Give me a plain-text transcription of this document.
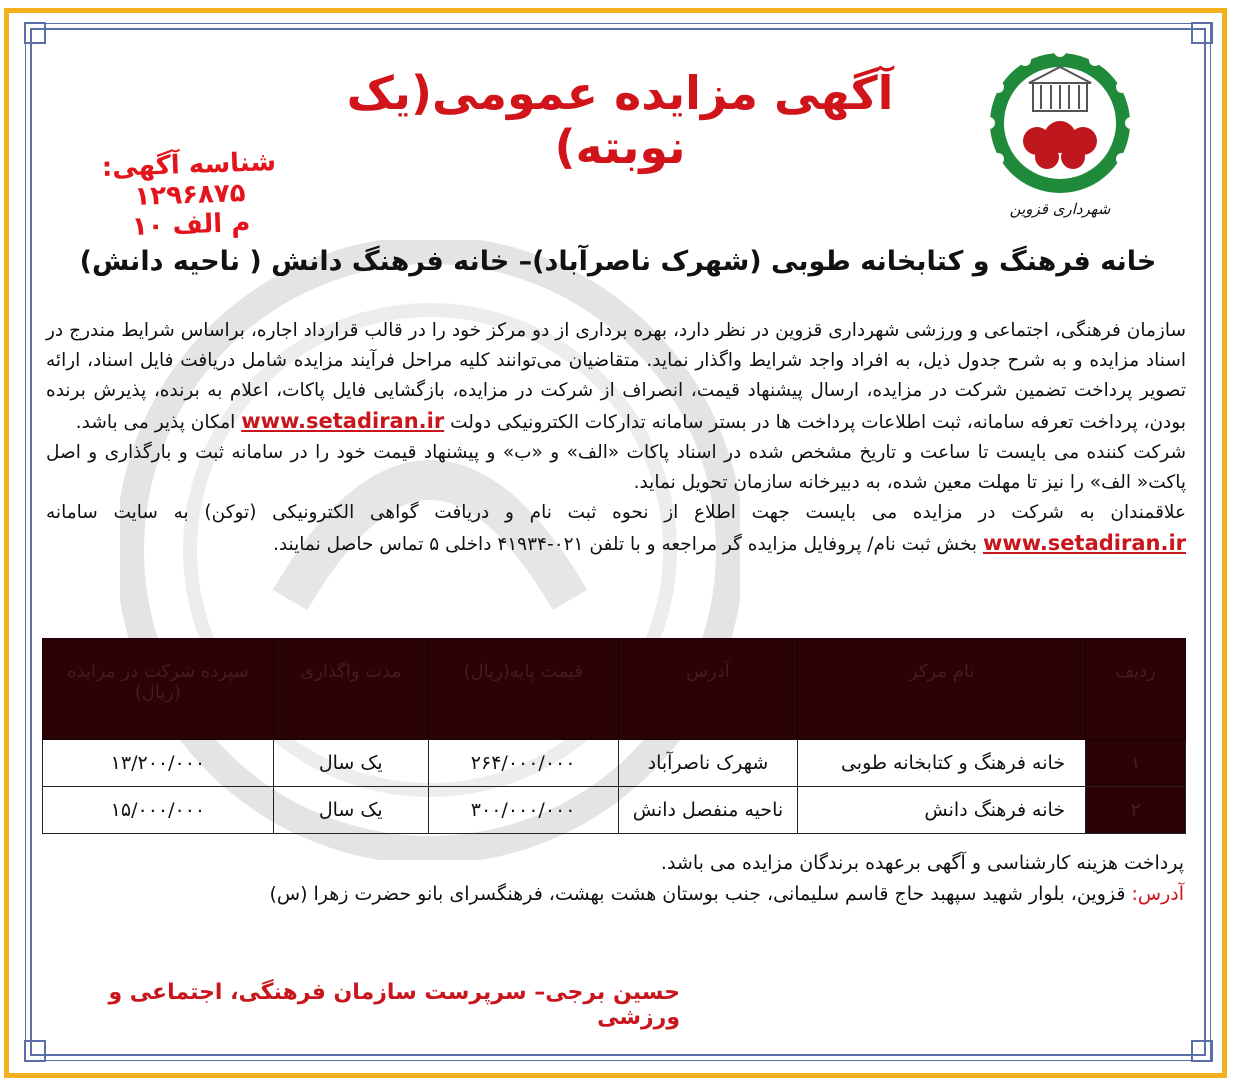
آگهی مزایده عمومی(یک نوبته)
شناسه آگهی: ۱۲۹۶۸۷۵
م الف ۱۰	شهرداری قزوین
خانه فرهنگ و کتابخانه طوبی (شهرک ناصرآباد)– خانه فرهنگ دانش ( ناحیه دانش)

سازمان فرهنگی، اجتماعی و ورزشی شهرداری قزوین در نظر دارد، بهره برداری از دو مرکز خود را در قالب قرارداد اجاره، براساس شرایط مندرج در اسناد مزایده و به شرح جدول ذیل، به افراد واجد شرایط واگذار نماید. متقاضیان می‌توانند کلیه مراحل فرآیند مزایده شامل دریافت فایل اسناد، ارائه تصویر پرداخت تضمین شرکت در مزایده، ارسال پیشنهاد قیمت، انصراف از شرکت در مزایده، بازگشایی فایل پاکات، اعلام به برنده، پذیرش برنده بودن، پرداخت تعرفه سامانه، ثبت اطلاعات پرداخت ها در بستر سامانه تدارکات الکترونیکی دولت www.setadiran.ir امکان پذیر می باشد.

شرکت کننده می بایست تا ساعت و تاریخ مشخص شده در اسناد پاکات «الف» و «ب» و پیشنهاد قیمت خود را در سامانه ثبت و بارگذاری و اصل پاکت« الف» را نیز تا مهلت معین شده، به دبیرخانه سازمان تحویل نماید.

علاقمندان به شرکت در مزایده می بایست جهت اطلاع از نحوه ثبت نام و دریافت گواهی الکترونیکی (توکن) به سایت سامانه www.setadiran.ir بخش ثبت نام/ پروفایل مزایده گر مراجعه و با تلفن ۰۲۱-۴۱۹۳۴ داخلی ۵ تماس حاصل نمایند.

ردیف	نام مرکز	آدرس	قیمت پایه(ریال)	مدت واگذاری	سپرده شرکت در مزایده (ریال)
۱	خانه فرهنگ و کتابخانه طوبی	شهرک ناصرآباد	۲۶۴/۰۰۰/۰۰۰	یک سال	۱۳/۲۰۰/۰۰۰
۲	خانه فرهنگ دانش	ناحیه منفصل دانش	۳۰۰/۰۰۰/۰۰۰	یک سال	۱۵/۰۰۰/۰۰۰

پرداخت هزینه کارشناسی و آگهی برعهده برندگان مزایده می باشد.

آدرس: قزوین، بلوار شهید سپهبد حاج قاسم سلیمانی، جنب بوستان هشت بهشت، فرهنگسرای بانو حضرت زهرا (س)

حسین برجی– سرپرست سازمان فرهنگی، اجتماعی و ورزشی
